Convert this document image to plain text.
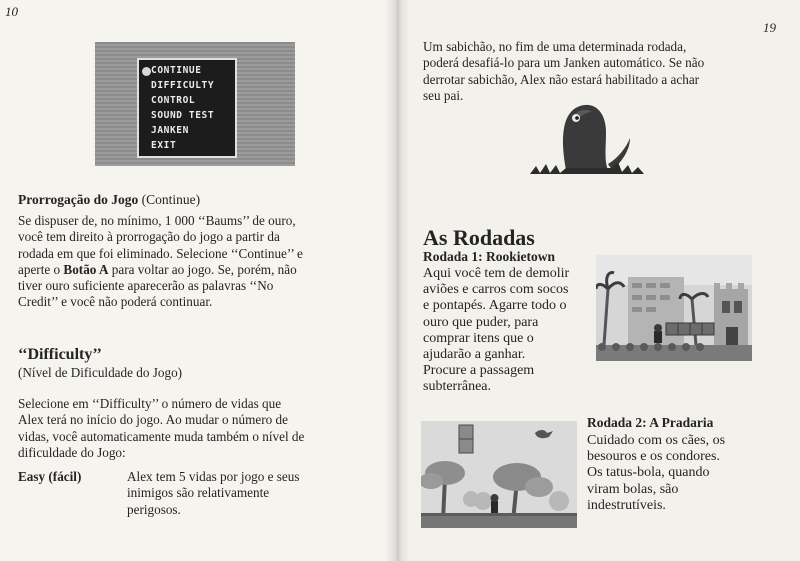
10
CONTINUE
DIFFICULTY
CONTROL
SOUND TEST
JANKEN
EXIT
Prorrogação do Jogo (Continue)
Se dispuser de, no mínimo, 1 000 ‘‘Baums’’ de ouro,
você tem direito à prorrogação do jogo a partir da
rodada em que foi eliminado. Selecione ‘‘Continue’’ e
aperte o Botão A para voltar ao jogo. Se, porém, não
tiver ouro suficiente aparecerão as palavras ‘‘No
Credit’’ e você não poderá continuar.
‘‘Difficulty’’
(Nível de Dificuldade do Jogo)
Selecione em ‘‘Difficulty’’ o número de vidas que
Alex terá no início do jogo. Ao mudar o número de
vidas, você automaticamente muda também o nível de
dificuldade do Jogo:
Easy (fácil)	Alex tem 5 vidas por jogo e seus
inimigos são relativamente
perigosos.
19
Um sabichão, no fim de uma determinada rodada,
poderá desafiá-lo para um Janken automático. Se não
derrotar sabichão, Alex não estará habilitado a achar
seu pai.
As Rodadas
Rodada 1: Rookietown
Aqui você tem de demolir
aviões e carros com socos
e pontapés. Agarre todo o
ouro que puder, para
comprar itens que o
ajudarão a ganhar.
Procure a passagem
subterrânea.
Rodada 2: A Pradaria
Cuidado com os cães, os
besouros e os condores.
Os tatus-bola, quando
viram bolas, são
indestrutíveis.
